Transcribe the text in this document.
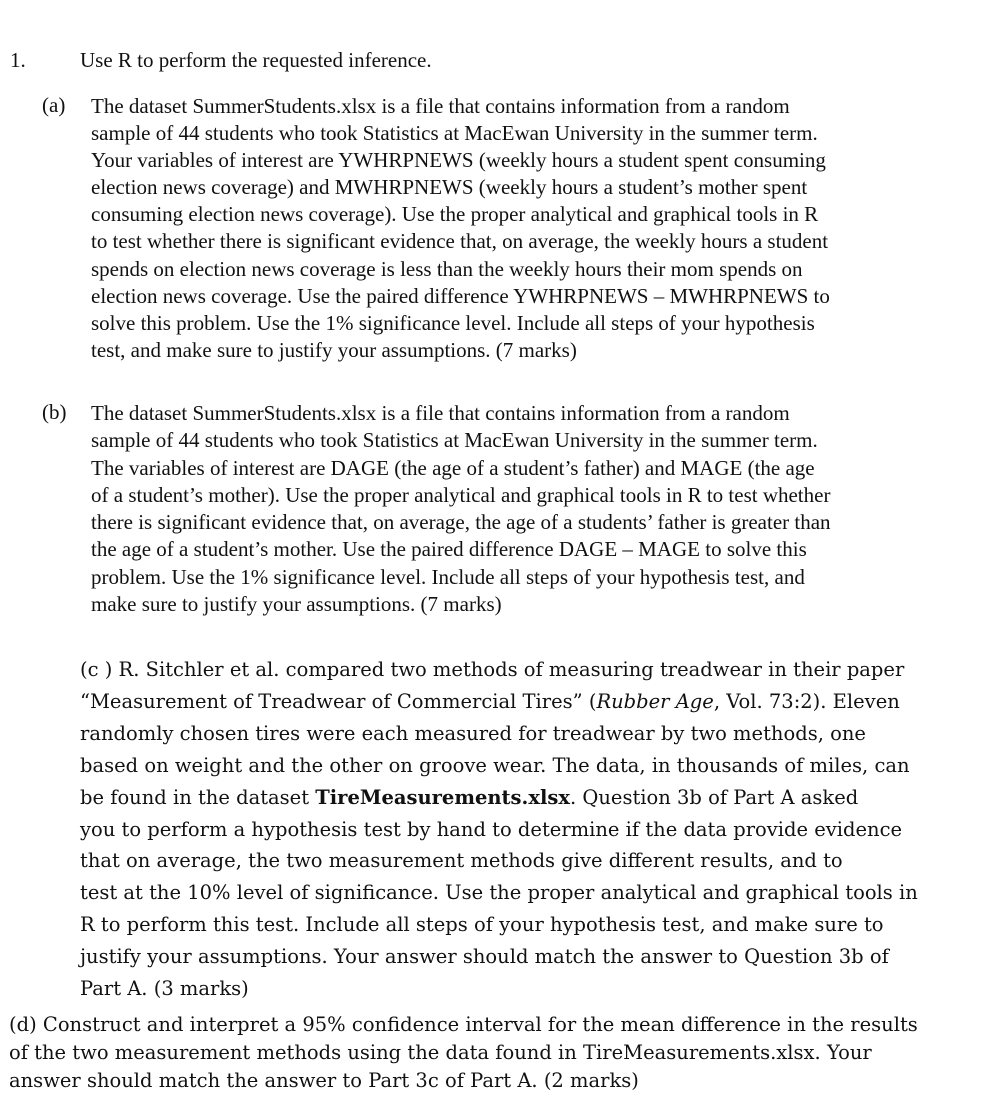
1.	Use R to perform the requested inference.
(a) The dataset SummerStudents.xlsx is a file that contains information from a random
sample of 44 students who took Statistics at MacEwan University in the summer term.
Your variables of interest are YWHRPNEWS (weekly hours a student spent consuming
election news coverage) and MWHRPNEWS (weekly hours a student’s mother spent
consuming election news coverage). Use the proper analytical and graphical tools in R
to test whether there is significant evidence that, on average, the weekly hours a student
spends on election news coverage is less than the weekly hours their mom spends on
election news coverage. Use the paired difference YWHRPNEWS – MWHRPNEWS to
solve this problem. Use the 1% significance level. Include all steps of your hypothesis
test, and make sure to justify your assumptions. (7 marks)
(b) The dataset SummerStudents.xlsx is a file that contains information from a random
sample of 44 students who took Statistics at MacEwan University in the summer term.
The variables of interest are DAGE (the age of a student’s father) and MAGE (the age
of a student’s mother). Use the proper analytical and graphical tools in R to test whether
there is significant evidence that, on average, the age of a students’ father is greater than
the age of a student’s mother. Use the paired difference DAGE – MAGE to solve this
problem. Use the 1% significance level. Include all steps of your hypothesis test, and
make sure to justify your assumptions. (7 marks)
(c ) R. Sitchler et al. compared two methods of measuring treadwear in their paper
“Measurement of Treadwear of Commercial Tires” (Rubber Age, Vol. 73:2). Eleven
randomly chosen tires were each measured for treadwear by two methods, one
based on weight and the other on groove wear. The data, in thousands of miles, can
be found in the dataset TireMeasurements.xlsx. Question 3b of Part A asked
you to perform a hypothesis test by hand to determine if the data provide evidence
that on average, the two measurement methods give different results, and to
test at the 10% level of significance. Use the proper analytical and graphical tools in
R to perform this test. Include all steps of your hypothesis test, and make sure to
justify your assumptions. Your answer should match the answer to Question 3b of
Part A. (3 marks)
(d) Construct and interpret a 95% confidence interval for the mean difference in the results
of the two measurement methods using the data found in TireMeasurements.xlsx. Your
answer should match the answer to Part 3c of Part A. (2 marks)
